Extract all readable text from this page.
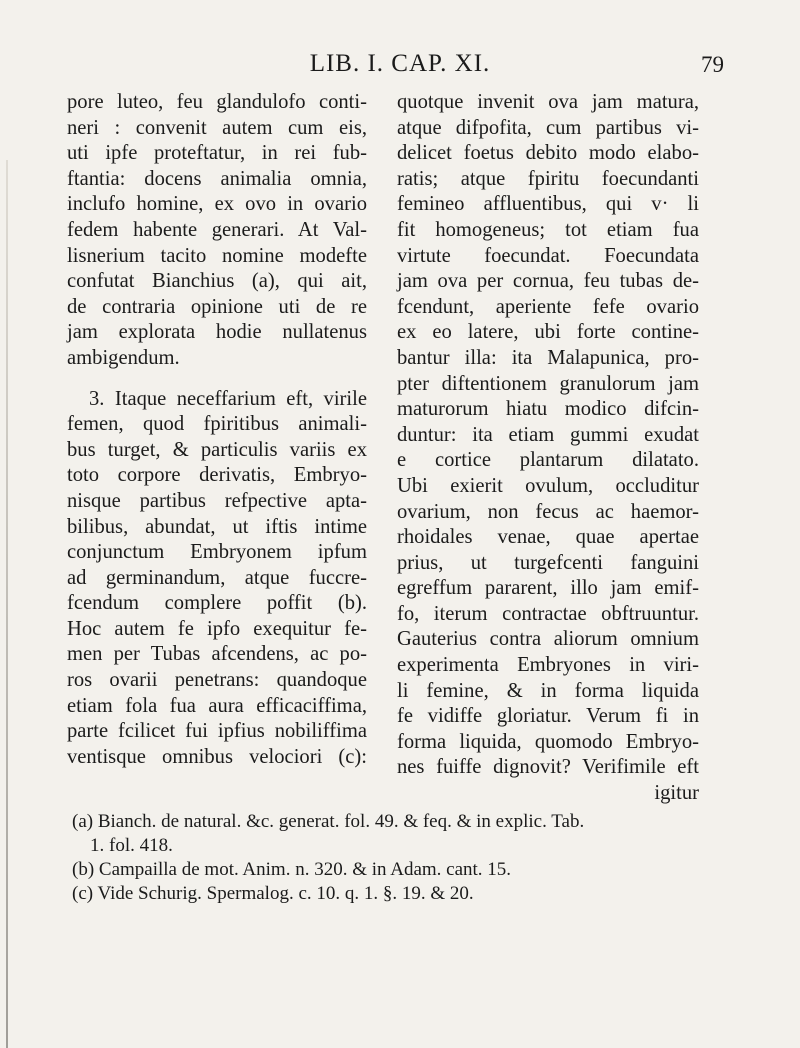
LIB. I. CAP. XI.	79
pore luteo, feu glandulofo conti-
neri : convenit autem cum eis,
uti ipfe proteftatur, in rei fub-
ftantia: docens animalia omnia,
inclufo homine, ex ovo in ovario
fedem habente generari. At Val-
lisnerium tacito nomine modefte
confutat Bianchius (a), qui ait,
de contraria opinione uti de re
jam explorata hodie nullatenus
ambigendum.
3. Itaque neceffarium eft, virile
femen, quod fpiritibus animali-
bus turget, & particulis variis ex
toto corpore derivatis, Embryo-
nisque partibus refpective apta-
bilibus, abundat, ut iftis intime
conjunctum Embryonem ipfum
ad germinandum, atque fuccre-
fcendum complere poffit (b).
Hoc autem fe ipfo exequitur fe-
men per Tubas afcendens, ac po-
ros ovarii penetrans: quandoque
etiam fola fua aura efficaciffima,
parte fcilicet fui ipfius nobiliffima
ventisque omnibus velociori (c):
quotque invenit ova jam matura,
atque difpofita, cum partibus vi-
delicet foetus debito modo elabo-
ratis; atque fpiritu foecundanti
femineo affluentibus, qui v· li
fit homogeneus; tot etiam fua
virtute foecundat. Foecundata
jam ova per cornua, feu tubas de-
fcendunt, aperiente fefe ovario
ex eo latere, ubi forte contine-
bantur illa: ita Malapunica, pro-
pter diftentionem granulorum jam
maturorum hiatu modico difcin-
duntur: ita etiam gummi exudat
e cortice plantarum dilatato.
Ubi exierit ovulum, occluditur
ovarium, non fecus ac haemor-
rhoidales venae, quae apertae
prius, ut turgefcenti fanguini
egreffum pararent, illo jam emif-
fo, iterum contractae obftruuntur.
Gauterius contra aliorum omnium
experimenta Embryones in viri-
li femine, & in forma liquida
fe vidiffe gloriatur. Verum fi in
forma liquida, quomodo Embryo-
nes fuiffe dignovit? Verifimile eft
igitur
(a) Bianch. de natural. &c. generat. fol. 49. & feq. & in explic. Tab.
1. fol. 418.
(b) Campailla de mot. Anim. n. 320. & in Adam. cant. 15.
(c) Vide Schurig. Spermalog. c. 10. q. 1. §. 19. & 20.
